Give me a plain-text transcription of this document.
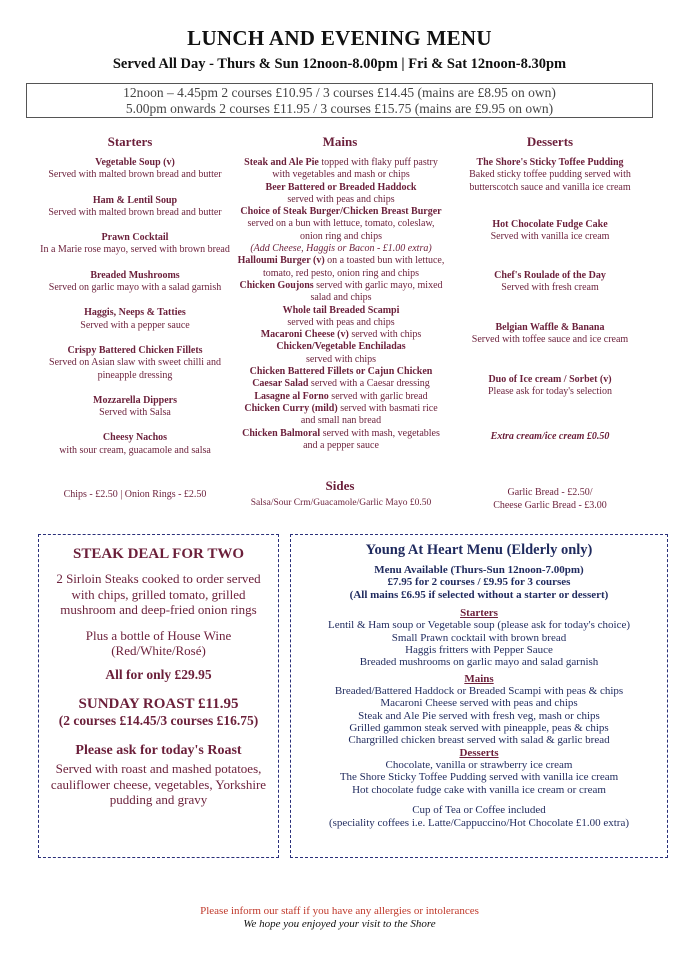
LUNCH AND EVENING MENU
Served All Day - Thurs & Sun 12noon-8.00pm | Fri & Sat 12noon-8.30pm
12noon – 4.45pm 2 courses £10.95 / 3 courses £14.45 (mains are £8.95 on own)
5.00pm onwards 2 courses £11.95 / 3 courses £15.75 (mains are £9.95 on own)
Starters	Mains	Desserts
Vegetable Soup (v)
Served with malted brown bread and butter
Ham & Lentil Soup
Served with malted brown bread and butter
Prawn Cocktail
In a Marie rose mayo, served with brown bread
Breaded Mushrooms
Served on garlic mayo with a salad garnish
Haggis, Neeps & Tatties
Served with a pepper sauce
Crispy Battered Chicken Fillets
Served on Asian slaw with sweet chilli and pineapple dressing
Mozzarella Dippers
Served with Salsa
Cheesy Nachos
with sour cream, guacamole and salsa
Chips - £2.50 | Onion Rings - £2.50
Steak and Ale Pie topped with flaky puff pastry with vegetables and mash or chips
Beer Battered or Breaded Haddock
served with peas and chips
Choice of Steak Burger/Chicken Breast Burger served on a bun with lettuce, tomato, coleslaw, onion ring and chips
(Add Cheese, Haggis or Bacon - £1.00 extra)
Halloumi Burger (v) on a toasted bun with lettuce, tomato, red pesto, onion ring and chips
Chicken Goujons served with garlic mayo, mixed salad and chips
Whole tail Breaded Scampi
served with peas and chips
Macaroni Cheese (v) served with chips
Chicken/Vegetable Enchiladas
served with chips
Chicken Battered Fillets or Cajun Chicken
Caesar Salad served with a Caesar dressing
Lasagne al Forno served with garlic bread
Chicken Curry (mild) served with basmati rice and small nan bread
Chicken Balmoral served with mash, vegetables and a pepper sauce
The Shore's Sticky Toffee Pudding
Baked sticky toffee pudding served with butterscotch sauce and vanilla ice cream
Hot Chocolate Fudge Cake
Served with vanilla ice cream
Chef's Roulade of the Day
Served with fresh cream
Belgian Waffle & Banana
Served with toffee sauce and ice cream
Duo of Ice cream / Sorbet (v)
Please ask for today's selection
Extra cream/ice cream £0.50
Garlic Bread - £2.50/
Cheese Garlic Bread - £3.00
Sides
Salsa/Sour Crm/Guacamole/Garlic Mayo £0.50
STEAK DEAL FOR TWO
2 Sirloin Steaks cooked to order served with chips, grilled tomato, grilled mushroom and deep-fried onion rings
Plus a bottle of House Wine (Red/White/Rosé)
All for only £29.95
SUNDAY ROAST £11.95
(2 courses £14.45/3 courses £16.75)
Please ask for today's Roast
Served with roast and mashed potatoes, cauliflower cheese, vegetables, Yorkshire pudding and gravy
Young At Heart Menu (Elderly only)
Menu Available (Thurs-Sun 12noon-7.00pm)
£7.95 for 2 courses / £9.95 for 3 courses
(All mains £6.95 if selected without a starter or dessert)
Starters
Lentil & Ham soup or Vegetable soup (please ask for today's choice)
Small Prawn cocktail with brown bread
Haggis fritters with Pepper Sauce
Breaded mushrooms on garlic mayo and salad garnish
Mains
Breaded/Battered Haddock or Breaded Scampi with peas & chips
Macaroni Cheese served with peas and chips
Steak and Ale Pie served with fresh veg, mash or chips
Grilled gammon steak served with pineapple, peas & chips
Chargrilled chicken breast served with salad & garlic bread
Desserts
Chocolate, vanilla or strawberry ice cream
The Shore Sticky Toffee Pudding served with vanilla ice cream
Hot chocolate fudge cake with vanilla ice cream or cream
Cup of Tea or Coffee included
(speciality coffees i.e. Latte/Cappuccino/Hot Chocolate £1.00 extra)
Please inform our staff if you have any allergies or intolerances
We hope you enjoyed your visit to the Shore
